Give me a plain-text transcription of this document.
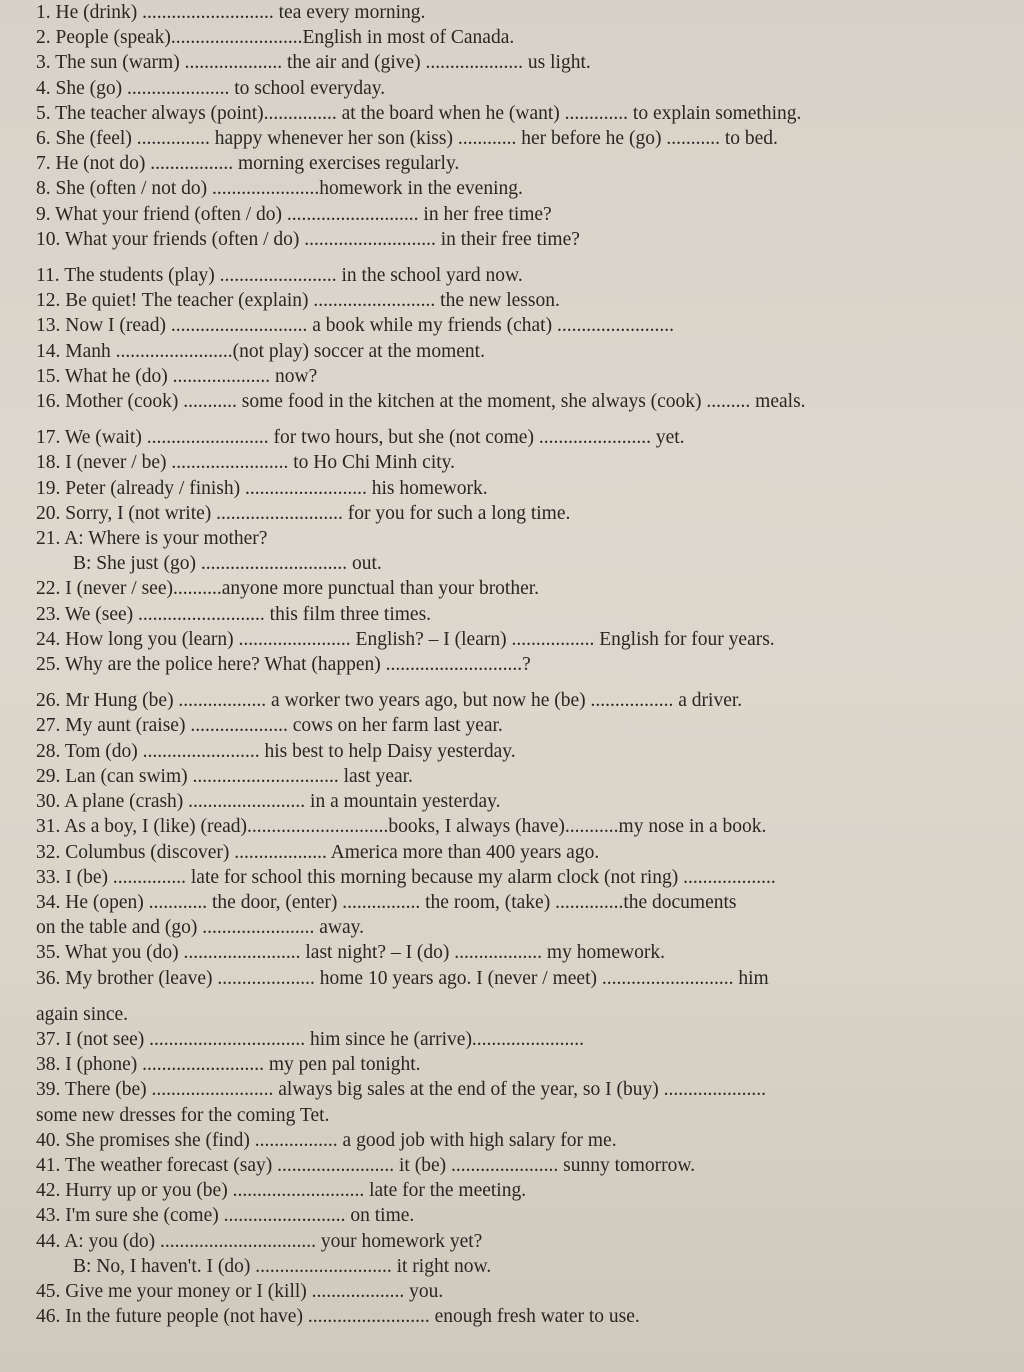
1. He (drink) ........................... tea every morning.
2. People (speak)...........................English in most of Canada.
3. The sun (warm) .................... the air and (give) .................... us light.
4. She (go) ..................... to school everyday.
5. The teacher always (point)............... at the board when he (want) ............. to explain something.
6. She (feel) ............... happy whenever her son (kiss) ............ her before he (go) ........... to bed.
7. He (not do) ................. morning exercises regularly.
8. She (often / not do) ......................homework in the evening.
9. What your friend (often / do) ........................... in her free time?
10. What your friends (often / do) ........................... in their free time?
11. The students (play) ........................ in the school yard now.
12. Be quiet! The teacher (explain) ......................... the new lesson.
13. Now I (read) ............................ a book while my friends (chat) ........................
14. Manh ........................(not play) soccer at the moment.
15. What he (do) .................... now?
16. Mother (cook) ........... some food in the kitchen at the moment, she always (cook) ......... meals.
17. We (wait) ......................... for two hours, but she (not come) ....................... yet.
18. I (never / be) ........................ to Ho Chi Minh city.
19. Peter (already / finish) ......................... his homework.
20. Sorry, I (not write) .......................... for you for such a long time.
21. A: Where is your mother?
B: She just (go) .............................. out.
22. I (never / see)..........anyone more punctual than your brother.
23. We (see) .......................... this film three times.
24. How long you (learn) ....................... English? – I (learn) ................. English for four years.
25. Why are the police here? What (happen) ............................?
26. Mr Hung (be) .................. a worker two years ago, but now he (be) ................. a driver.
27. My aunt (raise) .................... cows on her farm last year.
28. Tom (do) ........................ his best to help Daisy yesterday.
29. Lan (can swim) .............................. last year.
30. A plane (crash) ........................ in a mountain yesterday.
31. As a boy, I (like) (read).............................books, I always (have)...........my nose in a book.
32. Columbus (discover) ................... America more than 400 years ago.
33. I (be) ............... late for school this morning because my alarm clock (not ring) ...................
34. He (open) ............ the door, (enter) ................ the room, (take) ..............the documents
on the table and (go) ....................... away.
35. What you (do) ........................ last night? – I (do) .................. my homework.
36. My brother (leave) .................... home 10 years ago. I (never / meet) ........................... him
again since.
37. I (not see) ................................ him since he (arrive).......................
38. I (phone) ......................... my pen pal tonight.
39. There (be) ......................... always big sales at the end of the year, so I (buy) .....................
some new dresses for the coming Tet.
40. She promises she (find) ................. a good job with high salary for me.
41. The weather forecast (say) ........................ it (be) ...................... sunny tomorrow.
42. Hurry up or you (be) ........................... late for the meeting.
43. I'm sure she (come) ......................... on time.
44. A: you (do) ................................ your homework yet?
B: No, I haven't. I (do) ............................ it right now.
45. Give me your money or I (kill) ................... you.
46. In the future people (not have) ......................... enough fresh water to use.
